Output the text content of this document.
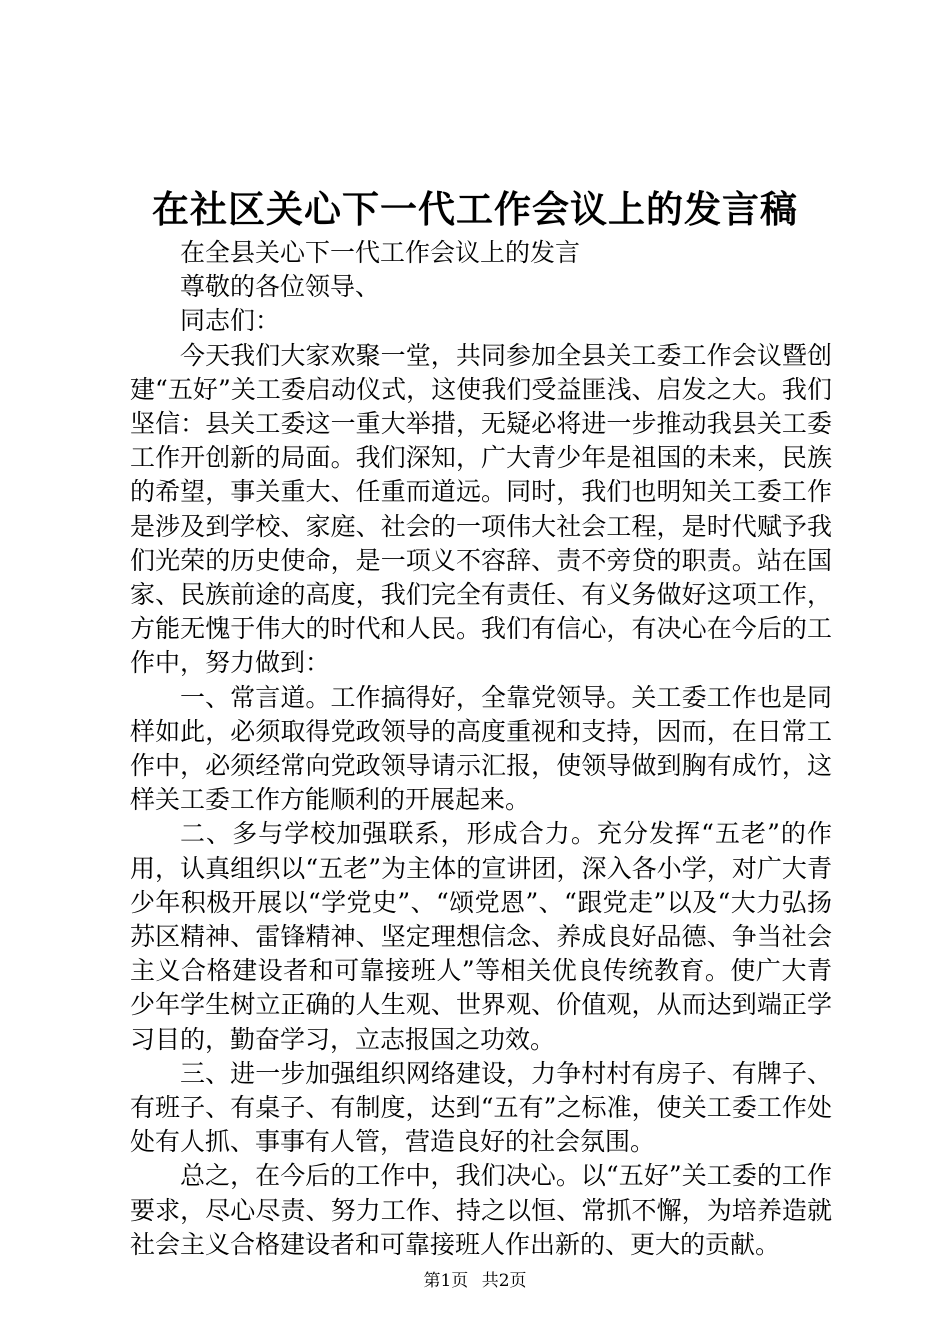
在社区关心下一代工作会议上的发言稿

在全县关心下一代工作会议上的发言

尊敬的各位领导、

同志们：

今天我们大家欢聚一堂，共同参加全县关工委工作会议暨创建“五好”关工委启动仪式，这使我们受益匪浅、启发之大。我们坚信：县关工委这一重大举措，无疑必将进一步推动我县关工委工作开创新的局面。我们深知，广大青少年是祖国的未来，民族的希望，事关重大、任重而道远。同时，我们也明知关工委工作是涉及到学校、家庭、社会的一项伟大社会工程，是时代赋予我们光荣的历史使命，是一项义不容辞、责不旁贷的职责。站在国家、民族前途的高度，我们完全有责任、有义务做好这项工作，方能无愧于伟大的时代和人民。我们有信心，有决心在今后的工作中，努力做到：

一、常言道。工作搞得好，全靠党领导。关工委工作也是同样如此，必须取得党政领导的高度重视和支持，因而，在日常工作中，必须经常向党政领导请示汇报，使领导做到胸有成竹，这样关工委工作方能顺利的开展起来。

二、多与学校加强联系，形成合力。充分发挥“五老”的作用，认真组织以“五老”为主体的宣讲团，深入各小学，对广大青少年积极开展以“学党史”、“颂党恩”、“跟党走”以及“大力弘扬苏区精神、雷锋精神、坚定理想信念、养成良好品德、争当社会主义合格建设者和可靠接班人”等相关优良传统教育。使广大青少年学生树立正确的人生观、世界观、价值观，从而达到端正学习目的，勤奋学习，立志报国之功效。

三、进一步加强组织网络建设，力争村村有房子、有牌子、有班子、有桌子、有制度，达到“五有”之标准，使关工委工作处处有人抓、事事有人管，营造良好的社会氛围。

总之，在今后的工作中，我们决心。以“五好”关工委的工作要求，尽心尽责、努力工作、持之以恒、常抓不懈，为培养造就社会主义合格建设者和可靠接班人作出新的、更大的贡献。

第1页 共2页
